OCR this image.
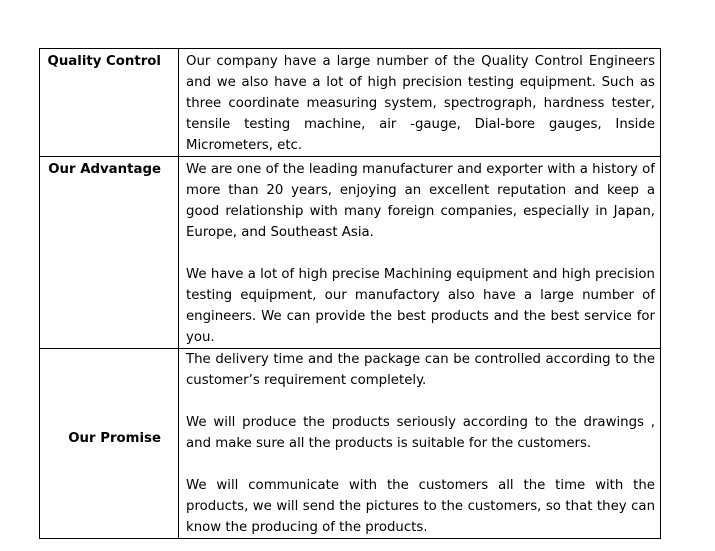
Quality Control	Our company have a large number of the Quality Control Engineers and we also have a lot of high precision testing equipment. Such as three coordinate measuring system, spectrograph, hardness tester, tensile testing machine, air -gauge, Dial-bore gauges, Inside Micrometers, etc.

Our Advantage	We are one of the leading manufacturer and exporter with a history of more than 20 years, enjoying an excellent reputation and keep a good relationship with many foreign companies, especially in Japan, Europe, and Southeast Asia.

We have a lot of high precise Machining equipment and high precision testing equipment, our manufactory also have a large number of engineers. We can provide the best products and the best service for you.

Our Promise	The delivery time and the package can be controlled according to the customer’s requirement completely.

We will produce the products seriously according to the drawings , and make sure all the products is suitable for the customers.

We will communicate with the customers all the time with the products, we will send the pictures to the customers, so that they can know the producing of the products.
